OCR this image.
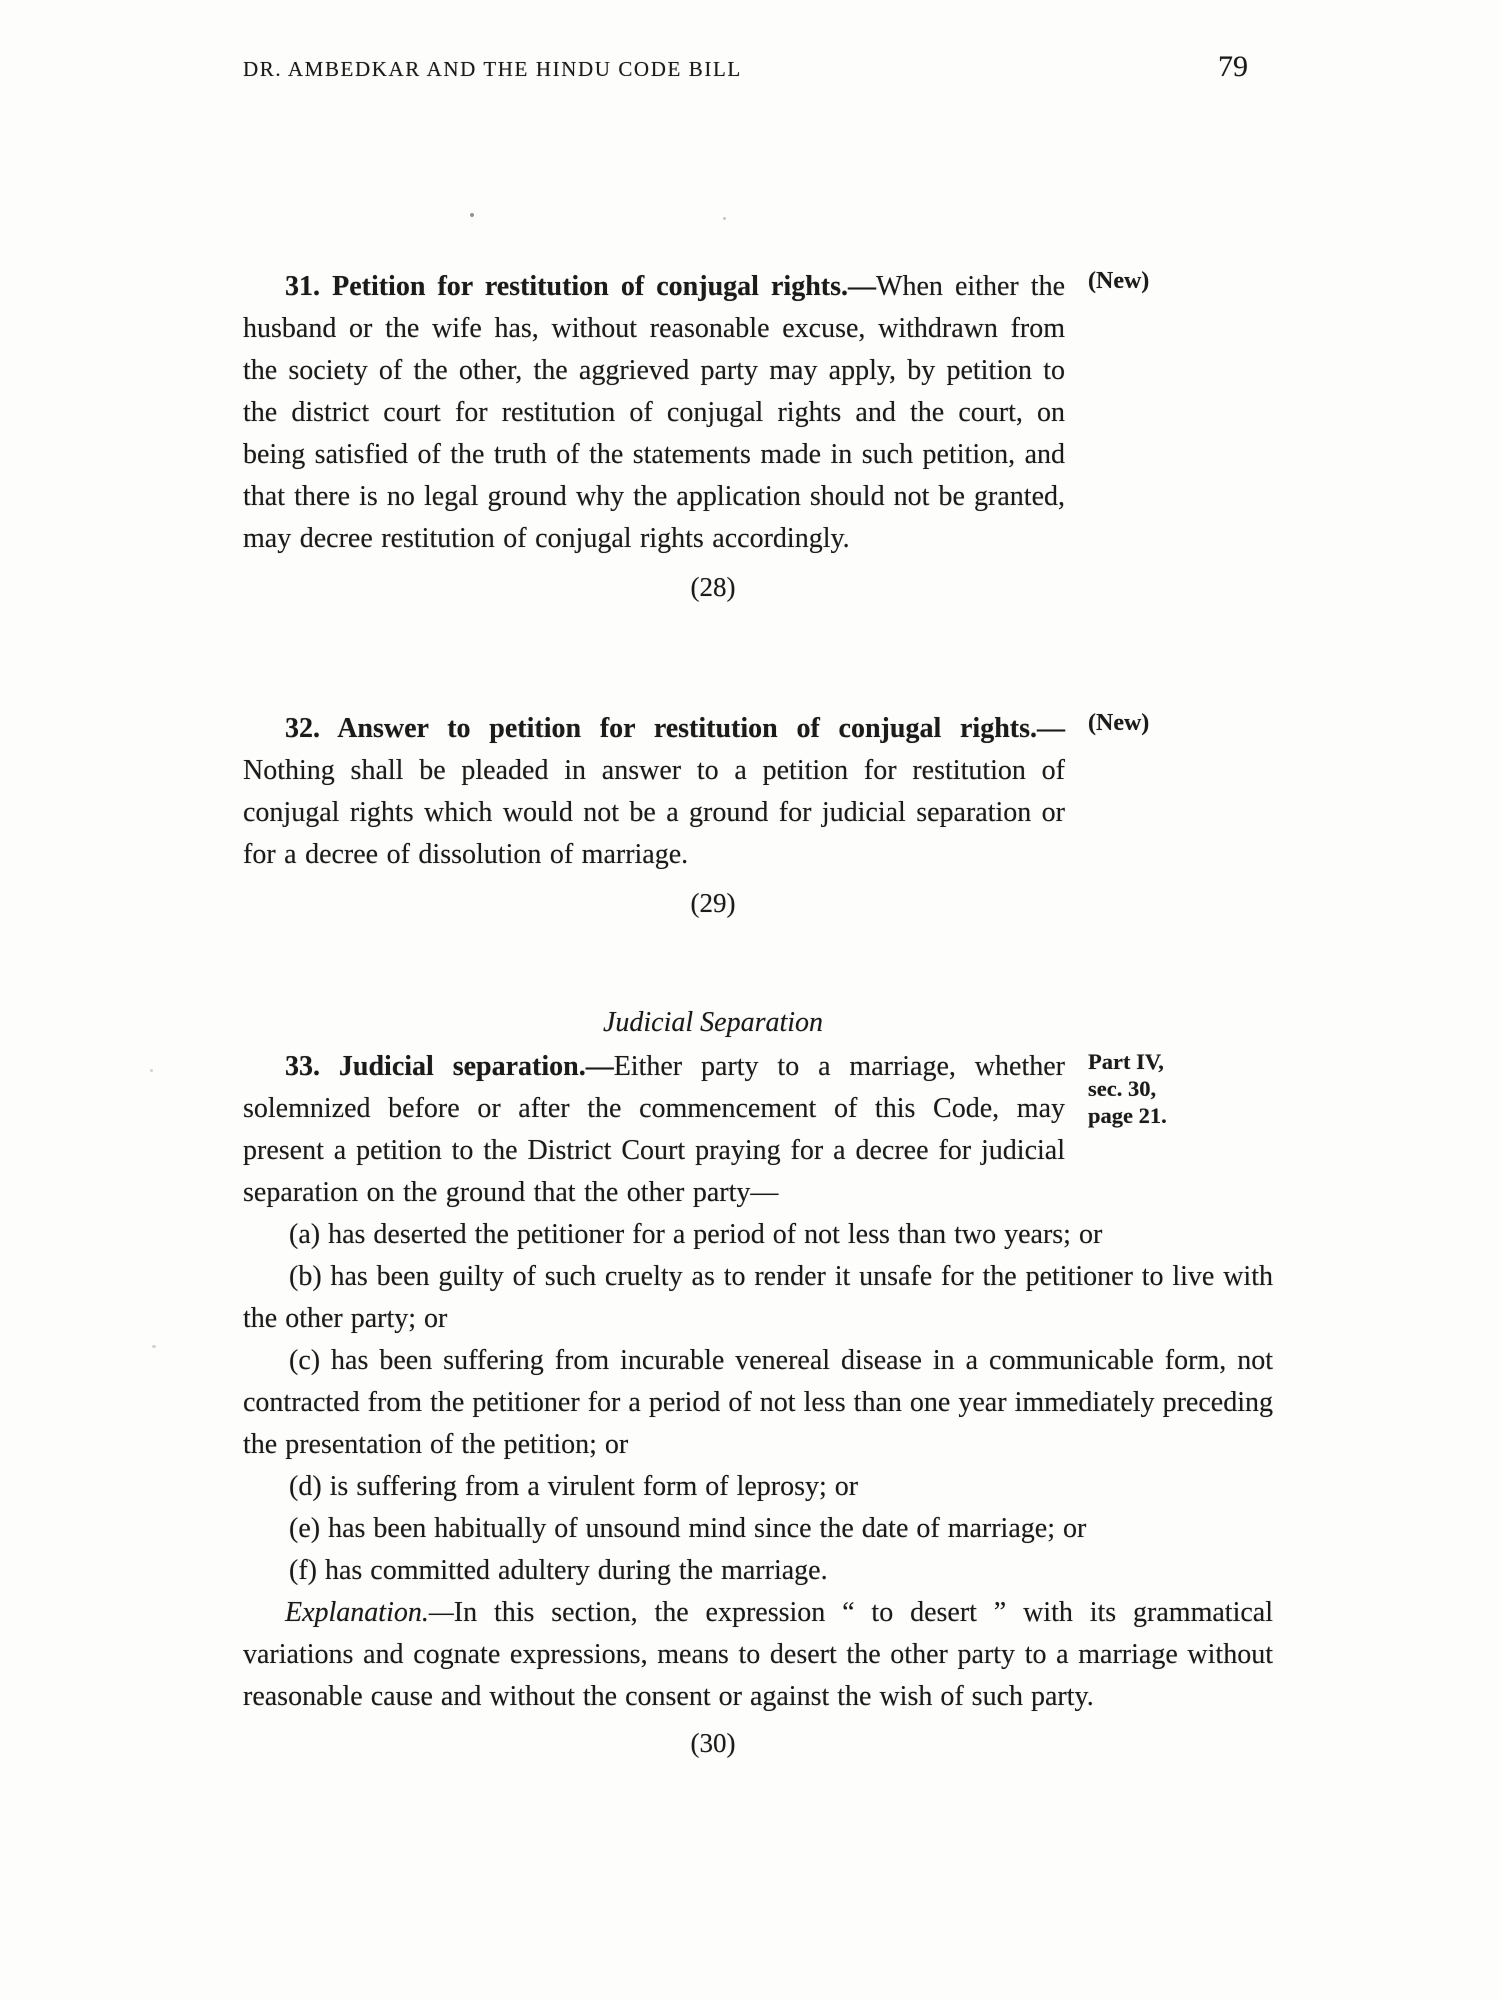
DR. AMBEDKAR AND THE HINDU CODE BILL	79

31. Petition for restitution of conjugal rights.—When either the husband or the wife has, without reasonable excuse, withdrawn from the society of the other, the aggrieved party may apply, by petition to the district court for restitution of conjugal rights and the court, on being satisfied of the truth of the statements made in such petition, and that there is no legal ground why the application should not be granted, may decree restitution of conjugal rights accordingly.

(New)
(28)

32. Answer to petition for restitution of conjugal rights.—Nothing shall be pleaded in answer to a petition for restitution of conjugal rights which would not be a ground for judicial separation or for a decree of dissolution of marriage.

(New)
(29)
Judicial Separation

33. Judicial separation.—Either party to a marriage, whether solemnized before or after the commencement of this Code, may present a petition to the District Court praying for a decree for judicial separation on the ground that the other party—

Part IV,
sec. 30,
page 21.

(a) has deserted the petitioner for a period of not less than two years; or

(b) has been guilty of such cruelty as to render it unsafe for the petitioner to live with the other party; or

(c) has been suffering from incurable venereal disease in a communicable form, not contracted from the petitioner for a period of not less than one year immediately preceding the presentation of the petition; or

(d) is suffering from a virulent form of leprosy; or

(e) has been habitually of unsound mind since the date of marriage; or

(f) has committed adultery during the marriage.

Explanation.—In this section, the expression “ to desert ” with its grammatical variations and cognate expressions, means to desert the other party to a marriage without reasonable cause and without the consent or against the wish of such party.

(30)
